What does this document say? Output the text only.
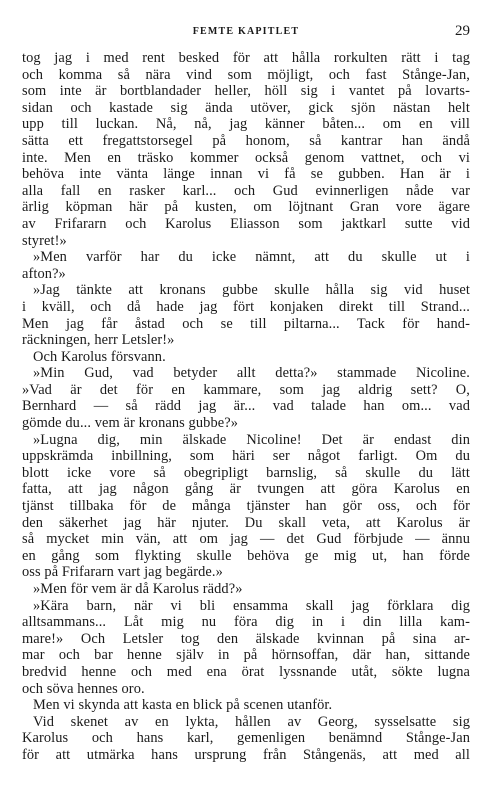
FEMTE KAPITLET	29
tog jag i med rent besked för att hålla rorkulten rätt i tag
och komma så nära vind som möjligt, och fast Stånge-Jan,
som inte är bortblandader heller, höll sig i vantet på lovarts-
sidan och kastade sig ända utöver, gick sjön nästan helt
upp till luckan. Nå, nå, jag känner båten... om en vill
sätta ett fregattstorsegel på honom, så kantrar han ändå
inte. Men en träsko kommer också genom vattnet, och vi
behöva inte vänta länge innan vi få se gubben. Han är i
alla fall en rasker karl... och Gud evinnerligen nåde var
ärlig köpman här på kusten, om löjtnant Gran vore ägare
av Frifararn och Karolus Eliasson som jaktkarl sutte vid
styret!»
»Men varför har du icke nämnt, att du skulle ut i
afton?»
»Jag tänkte att kronans gubbe skulle hålla sig vid huset
i kväll, och då hade jag fört konjaken direkt till Strand...
Men jag får åstad och se till piltarna... Tack för hand-
räckningen, herr Letsler!»
Och Karolus försvann.
»Min Gud, vad betyder allt detta?» stammade Nicoline.
»Vad är det för en kammare, som jag aldrig sett? O,
Bernhard — så rädd jag är... vad talade han om... vad
gömde du... vem är kronans gubbe?»
»Lugna dig, min älskade Nicoline! Det är endast din
uppskrämda inbillning, som häri ser något farligt. Om du
blott icke vore så obegripligt barnslig, så skulle du lätt
fatta, att jag någon gång är tvungen att göra Karolus en
tjänst tillbaka för de många tjänster han gör oss, och för
den säkerhet jag här njuter. Du skall veta, att Karolus är
så mycket min vän, att om jag — det Gud förbjude — ännu
en gång som flykting skulle behöva ge mig ut, han förde
oss på Frifararn vart jag begärde.»
»Men för vem är då Karolus rädd?»
»Kära barn, när vi bli ensamma skall jag förklara dig
alltsammans... Låt mig nu föra dig in i din lilla kam-
mare!» Och Letsler tog den älskade kvinnan på sina ar-
mar och bar henne själv in på hörnsoffan, där han, sittande
bredvid henne och med ena örat lyssnande utåt, sökte lugna
och söva hennes oro.
Men vi skynda att kasta en blick på scenen utanför.
Vid skenet av en lykta, hållen av Georg, sysselsatte sig
Karolus och hans karl, gemenligen benämnd Stånge-Jan
för att utmärka hans ursprung från Stångenäs, att med all
